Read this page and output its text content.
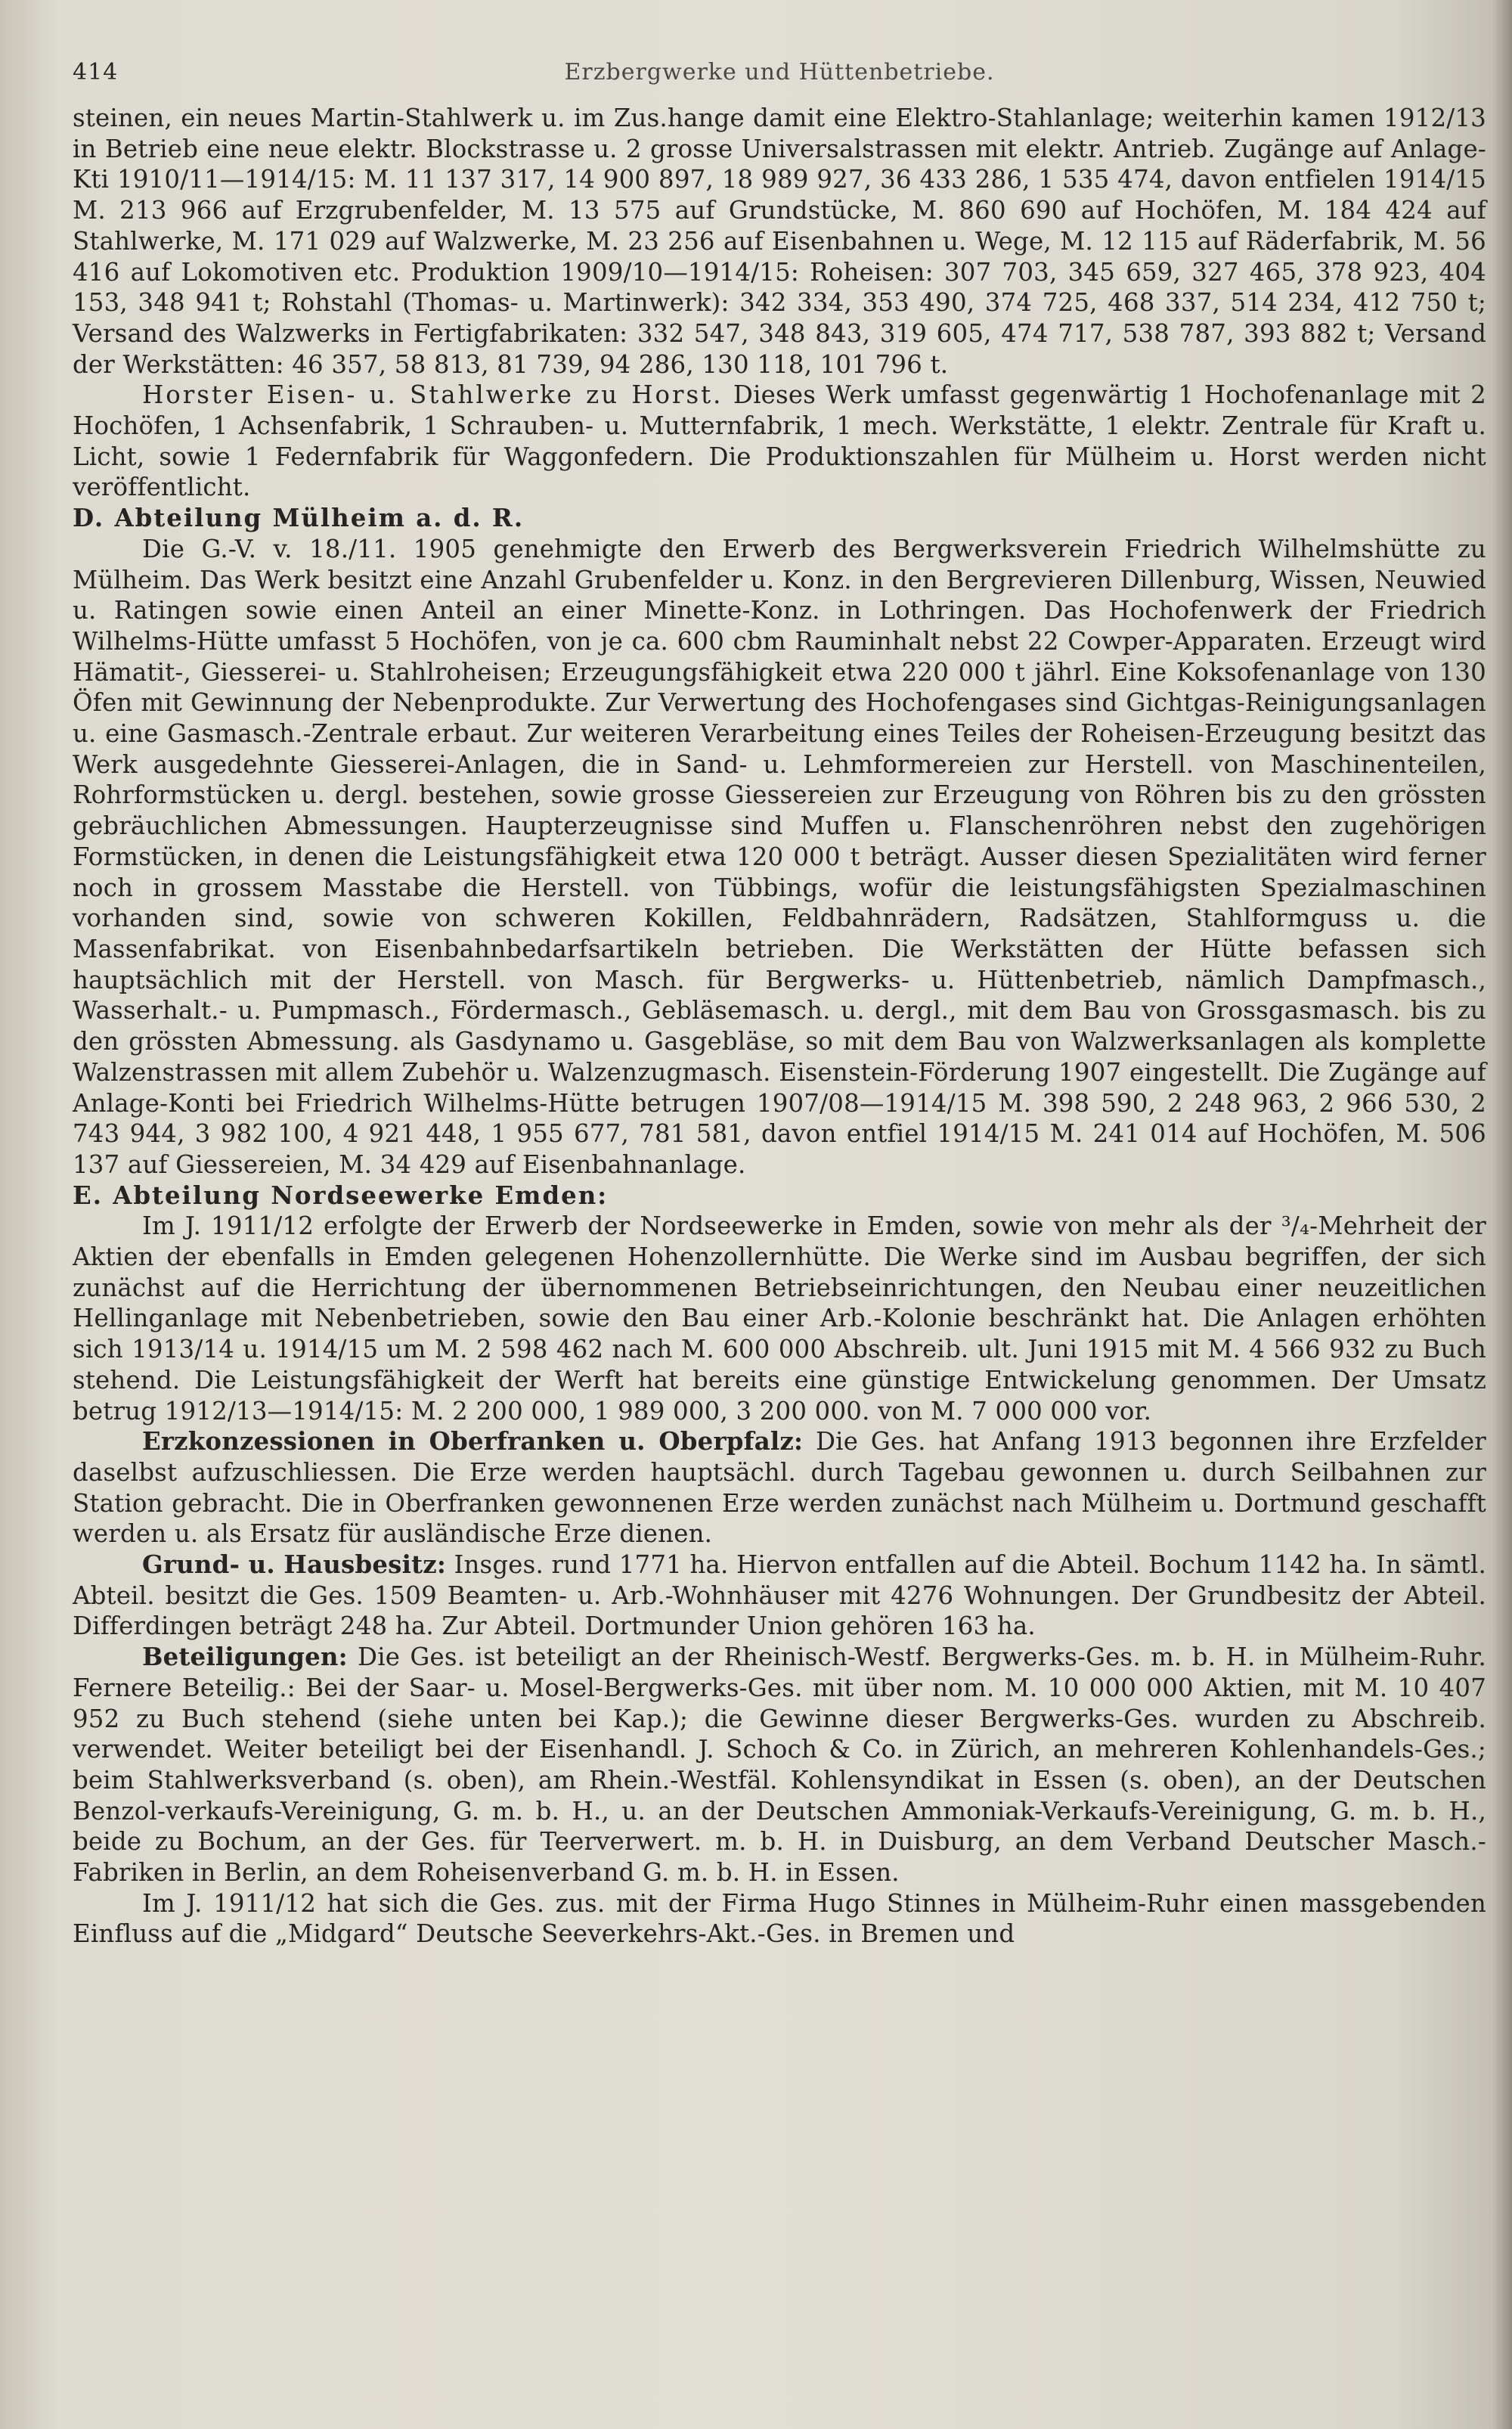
414	Erzbergwerke und Hüttenbetriebe.

steinen, ein neues Martin-Stahlwerk u. im Zus.hange damit eine Elektro-Stahlanlage; weiterhin kamen 1912/13 in Betrieb eine neue elektr. Blockstrasse u. 2 grosse Universalstrassen mit elektr. Antrieb. Zugänge auf Anlage-Kti 1910/11—1914/15: M. 11 137 317, 14 900 897, 18 989 927, 36 433 286, 1 535 474, davon entfielen 1914/15 M. 213 966 auf Erzgrubenfelder, M. 13 575 auf Grundstücke, M. 860 690 auf Hochöfen, M. 184 424 auf Stahlwerke, M. 171 029 auf Walzwerke, M. 23 256 auf Eisenbahnen u. Wege, M. 12 115 auf Räderfabrik, M. 56 416 auf Lokomotiven etc. Produktion 1909/10—1914/15: Roheisen: 307 703, 345 659, 327 465, 378 923, 404 153, 348 941 t; Rohstahl (Thomas- u. Martinwerk): 342 334, 353 490, 374 725, 468 337, 514 234, 412 750 t; Versand des Walzwerks in Fertigfabrikaten: 332 547, 348 843, 319 605, 474 717, 538 787, 393 882 t; Versand der Werkstätten: 46 357, 58 813, 81 739, 94 286, 130 118, 101 796 t.

Horster Eisen- u. Stahlwerke zu Horst. Dieses Werk umfasst gegenwärtig 1 Hochofenanlage mit 2 Hochöfen, 1 Achsenfabrik, 1 Schrauben- u. Mutternfabrik, 1 mech. Werkstätte, 1 elektr. Zentrale für Kraft u. Licht, sowie 1 Federnfabrik für Waggonfedern. Die Produktionszahlen für Mülheim u. Horst werden nicht veröffentlicht.

D. Abteilung Mülheim a. d. R.

Die G.-V. v. 18./11. 1905 genehmigte den Erwerb des Bergwerksverein Friedrich Wilhelmshütte zu Mülheim. Das Werk besitzt eine Anzahl Grubenfelder u. Konz. in den Bergrevieren Dillenburg, Wissen, Neuwied u. Ratingen sowie einen Anteil an einer Minette-Konz. in Lothringen. Das Hochofenwerk der Friedrich Wilhelms-Hütte umfasst 5 Hochöfen, von je ca. 600 cbm Rauminhalt nebst 22 Cowper-Apparaten. Erzeugt wird Hämatit-, Giesserei- u. Stahlroheisen; Erzeugungsfähigkeit etwa 220 000 t jährl. Eine Koksofenanlage von 130 Öfen mit Gewinnung der Nebenprodukte. Zur Verwertung des Hochofengases sind Gichtgas-Reinigungsanlagen u. eine Gasmasch.-Zentrale erbaut. Zur weiteren Verarbeitung eines Teiles der Roheisen-Erzeugung besitzt das Werk ausgedehnte Giesserei-Anlagen, die in Sand- u. Lehmformereien zur Herstell. von Maschinenteilen, Rohrformstücken u. dergl. bestehen, sowie grosse Giessereien zur Erzeugung von Röhren bis zu den grössten gebräuchlichen Abmessungen. Haupterzeugnisse sind Muffen u. Flanschenröhren nebst den zugehörigen Formstücken, in denen die Leistungsfähigkeit etwa 120 000 t beträgt. Ausser diesen Spezialitäten wird ferner noch in grossem Masstabe die Herstell. von Tübbings, wofür die leistungsfähigsten Spezialmaschinen vorhanden sind, sowie von schweren Kokillen, Feldbahnrädern, Radsätzen, Stahlformguss u. die Massenfabrikat. von Eisenbahnbedarfsartikeln betrieben. Die Werkstätten der Hütte befassen sich hauptsächlich mit der Herstell. von Masch. für Bergwerks- u. Hüttenbetrieb, nämlich Dampfmasch., Wasserhalt.- u. Pumpmasch., Fördermasch., Gebläsemasch. u. dergl., mit dem Bau von Grossgasmasch. bis zu den grössten Abmessung. als Gasdynamo u. Gasgebläse, so mit dem Bau von Walzwerksanlagen als komplette Walzenstrassen mit allem Zubehör u. Walzenzugmasch. Eisenstein-Förderung 1907 eingestellt. Die Zugänge auf Anlage-Konti bei Friedrich Wilhelms-Hütte betrugen 1907/08—1914/15 M. 398 590, 2 248 963, 2 966 530, 2 743 944, 3 982 100, 4 921 448, 1 955 677, 781 581, davon entfiel 1914/15 M. 241 014 auf Hochöfen, M. 506 137 auf Giessereien, M. 34 429 auf Eisenbahnanlage.

E. Abteilung Nordseewerke Emden:

Im J. 1911/12 erfolgte der Erwerb der Nordseewerke in Emden, sowie von mehr als der ³/₄-Mehrheit der Aktien der ebenfalls in Emden gelegenen Hohenzollernhütte. Die Werke sind im Ausbau begriffen, der sich zunächst auf die Herrichtung der übernommenen Betriebseinrichtungen, den Neubau einer neuzeitlichen Hellinganlage mit Nebenbetrieben, sowie den Bau einer Arb.-Kolonie beschränkt hat. Die Anlagen erhöhten sich 1913/14 u. 1914/15 um M. 2 598 462 nach M. 600 000 Abschreib. ult. Juni 1915 mit M. 4 566 932 zu Buch stehend. Die Leistungsfähigkeit der Werft hat bereits eine günstige Entwickelung genommen. Der Umsatz betrug 1912/13—1914/15: M. 2 200 000, 1 989 000, 3 200 000. von M. 7 000 000 vor.

Erzkonzessionen in Oberfranken u. Oberpfalz: Die Ges. hat Anfang 1913 begonnen ihre Erzfelder daselbst aufzuschliessen. Die Erze werden hauptsächl. durch Tagebau gewonnen u. durch Seilbahnen zur Station gebracht. Die in Oberfranken gewonnenen Erze werden zunächst nach Mülheim u. Dortmund geschafft werden u. als Ersatz für ausländische Erze dienen.

Grund- u. Hausbesitz: Insges. rund 1771 ha. Hiervon entfallen auf die Abteil. Bochum 1142 ha. In sämtl. Abteil. besitzt die Ges. 1509 Beamten- u. Arb.-Wohnhäuser mit 4276 Wohnungen. Der Grundbesitz der Abteil. Differdingen beträgt 248 ha. Zur Abteil. Dortmunder Union gehören 163 ha.

Beteiligungen: Die Ges. ist beteiligt an der Rheinisch-Westf. Bergwerks-Ges. m. b. H. in Mülheim-Ruhr. Fernere Beteilig.: Bei der Saar- u. Mosel-Bergwerks-Ges. mit über nom. M. 10 000 000 Aktien, mit M. 10 407 952 zu Buch stehend (siehe unten bei Kap.); die Gewinne dieser Bergwerks-Ges. wurden zu Abschreib. verwendet. Weiter beteiligt bei der Eisenhandl. J. Schoch & Co. in Zürich, an mehreren Kohlenhandels-Ges.; beim Stahlwerksverband (s. oben), am Rhein.-Westfäl. Kohlensyndikat in Essen (s. oben), an der Deutschen Benzol-verkaufs-Vereinigung, G. m. b. H., u. an der Deutschen Ammoniak-Verkaufs-Vereinigung, G. m. b. H., beide zu Bochum, an der Ges. für Teerverwert. m. b. H. in Duisburg, an dem Verband Deutscher Masch.-Fabriken in Berlin, an dem Roheisenverband G. m. b. H. in Essen.

Im J. 1911/12 hat sich die Ges. zus. mit der Firma Hugo Stinnes in Mülheim-Ruhr einen massgebenden Einfluss auf die „Midgard“ Deutsche Seeverkehrs-Akt.-Ges. in Bremen und
